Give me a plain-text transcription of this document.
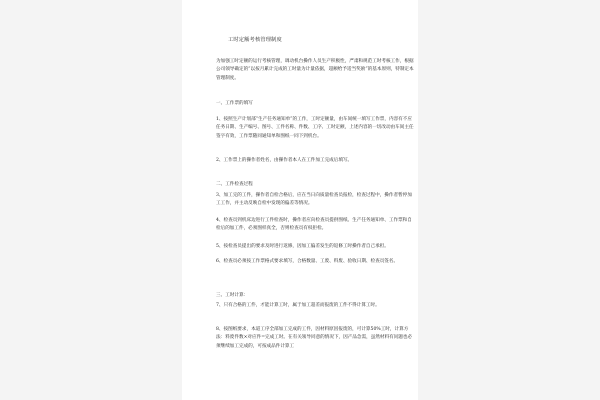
工时定额考核管理制度
为加强工时定额的运行考核管理，调动机台操作人员生产积极性，严肃和规范工时考核工作，根据公司领导确定的“以按月累计完成的工时量为计量依据，超额给予适当奖励”的基本原则，特制定本管理制度。
一、工作票的填写
1、按照生产计划部“生产任务通知单”的工作，工时定额量，由车间统一填写工作票，内容有不应任务日期、生产编号、图号、工件名称、件数、工序、工时定额，上述内容的一切改动由车间主任签字有效，工作票随同通知单和图纸一同下到机台。
2、工作票上的操作者姓名，由操作者本人在工件加工完成后填写。
二、工件检查过程
3、加工完的工件，操作者自检合格后，应在当日向质量检查员报检，检查过程中，操作者暂停加工工作，并主动反映自检中发现的偏差等情况。
4、检查员到机床边进行工件检查时，操作者应向检查员提供图纸、生产任务通知单、工作票和自检后的加工件，必须图样真全，否则检查员有权拒检。
5、按检查员提出的要求及时进行返修，因加工偏差发生的返修工时操作者自己承担。
6、检查员必须按工作票格式要求填写，合格数量、工废、料废、验收日期、检查员签名。
三、工时计算：
7、只有合格的工件，才能计算工时，属于加工超差而报废的工件不得计算工时。
8、按图纸要求，本道工序全部加工完成的工件，因材料原因报废的，可计算50%工时，计算方法：料废件数×对应件=完成工时。在有关领导同意的情况下，因产品急需，虽然材料有问题也必须继续加工完成的，可按成品件计算工
